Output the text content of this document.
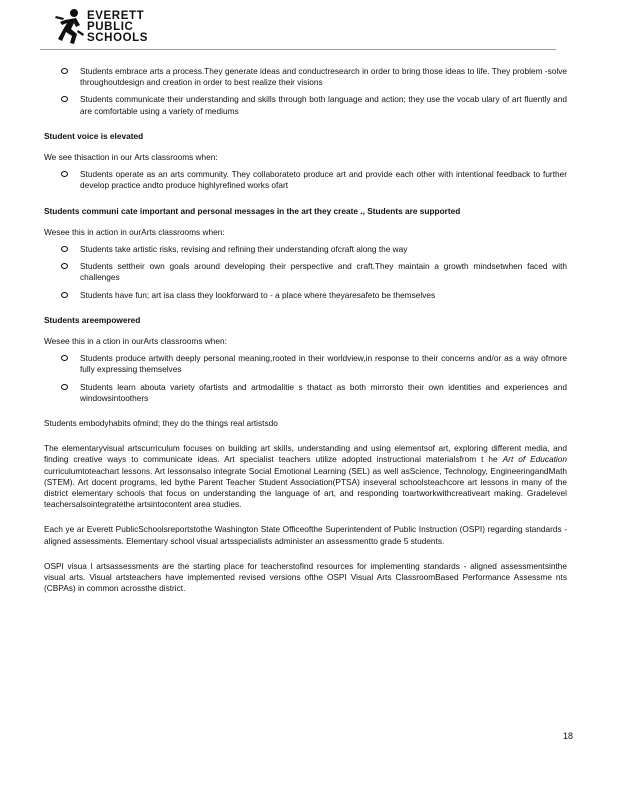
EVERETT
PUBLIC
SCHOOLS
Students embrace arts a process.They generate ideas and conductresearch in order to bring those ideas to life. They problem -solve throughoutdesign and creation in order to best realize their visions
Students communicate their understanding and skills through both language and action; they use the vocab ulary of art fluently and are comfortable using a variety of mediums

Student voice is elevated

We see thisaction in our Arts classrooms when:

Students operate as an arts community. They collaborateto produce art and provide each other with intentional feedback to further develop practice andto produce highlyrefined works ofart

Students communi cate important and personal messages in the art they create ., Students are supported

Wesee this in action in ourArts classrooms when:

Students take artistic risks, revising and refining their understanding ofcraft along the way
Students settheir own goals around developing their perspective and craft.They maintain a growth mindsetwhen faced with challenges
Students have fun; art isa class they lookforward to - a place where theyaresafeto be themselves

Students areempowered

Wesee this in a ction in ourArts classrooms when:

Students produce artwith deeply personal meaning,rooted in their worldview,in response to their concerns and/or as a way ofmore fully expressing themselves
Students learn abouta variety ofartists and artmodalitie s thatact as both mirrorsto their own identities and experiences and windowsintoothers

Students embodyhabits ofmind; they do the things real artistsdo

The elementaryvisual artscurriculum focuses on building art skills, understanding and using elementsof art, exploring different media, and finding creative ways to communicate ideas. Art specialist teachers utilize adopted instructional materialsfrom t he Art of Education curriculumtoteachart lessons. Art lessonsalso integrate Social Emotional Learning (SEL) as well asScience, Technology, EngineeringandMath (STEM). Art docent programs, led bythe Parent Teacher Student Association(PTSA) inseveral schoolsteachcore art lessons in many of the district elementary schools that focus on understanding the language of art, and responding toartworkwithcreativeart making. Gradelevel teachersalsointegratethe artsintocontent area studies.

Each ye ar Everett PublicSchoolsreportstothe Washington State Officeofthe Superintendent of Public Instruction (OSPI) regarding standards -aligned assessments. Elementary school visual artsspecialists administer an assessmentto grade 5 students.

OSPI visua l artsassessments are the starting place for teacherstofind resources for implementing standards - aligned assessmentsinthe visual arts. Visual artsteachers have implemented revised versions ofthe OSPI Visual Arts ClassroomBased Performance Assessme nts (CBPAs) in common acrossthe district.

18
